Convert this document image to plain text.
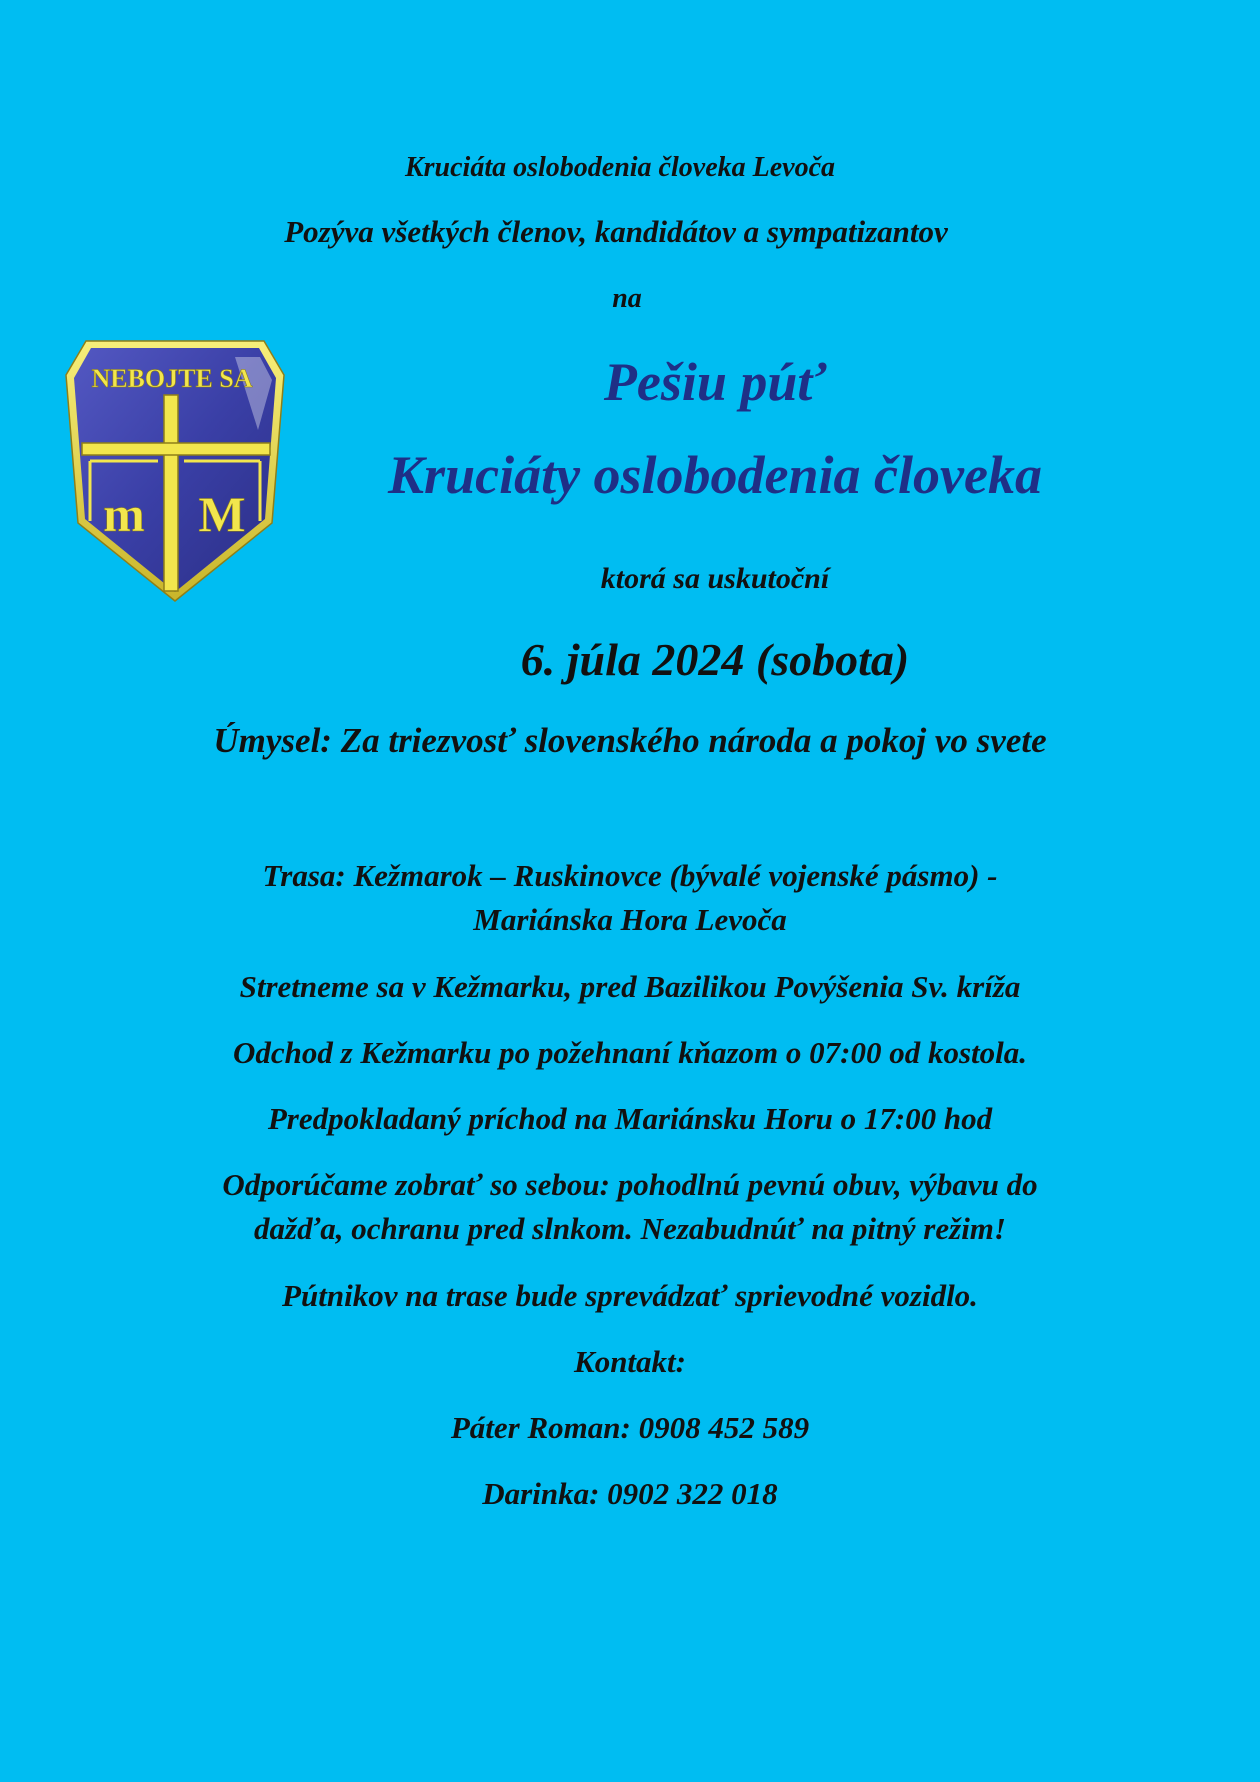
Kruciáta oslobodenia človeka Levoča
Pozýva všetkých členov, kandidátov a sympatizantov
na
NEBOJTE SA
m M
Pešiu púť
Kruciáty oslobodenia človeka
ktorá sa uskutoční
6. júla 2024 (sobota)
Úmysel: Za triezvosť slovenského národa a pokoj vo svete
Trasa: Kežmarok – Ruskinovce (bývalé vojenské pásmo) -
Mariánska Hora Levoča
Stretneme sa v Kežmarku, pred Bazilikou Povýšenia Sv. kríža
Odchod z Kežmarku po požehnaní kňazom o 07:00 od kostola.
Predpokladaný príchod na Mariánsku Horu o 17:00 hod
Odporúčame zobrať so sebou: pohodlnú pevnú obuv, výbavu do
dažďa, ochranu pred slnkom. Nezabudnúť na pitný režim!
Pútnikov na trase bude sprevádzať sprievodné vozidlo.
Kontakt:
Páter Roman: 0908 452 589
Darinka: 0902 322 018
